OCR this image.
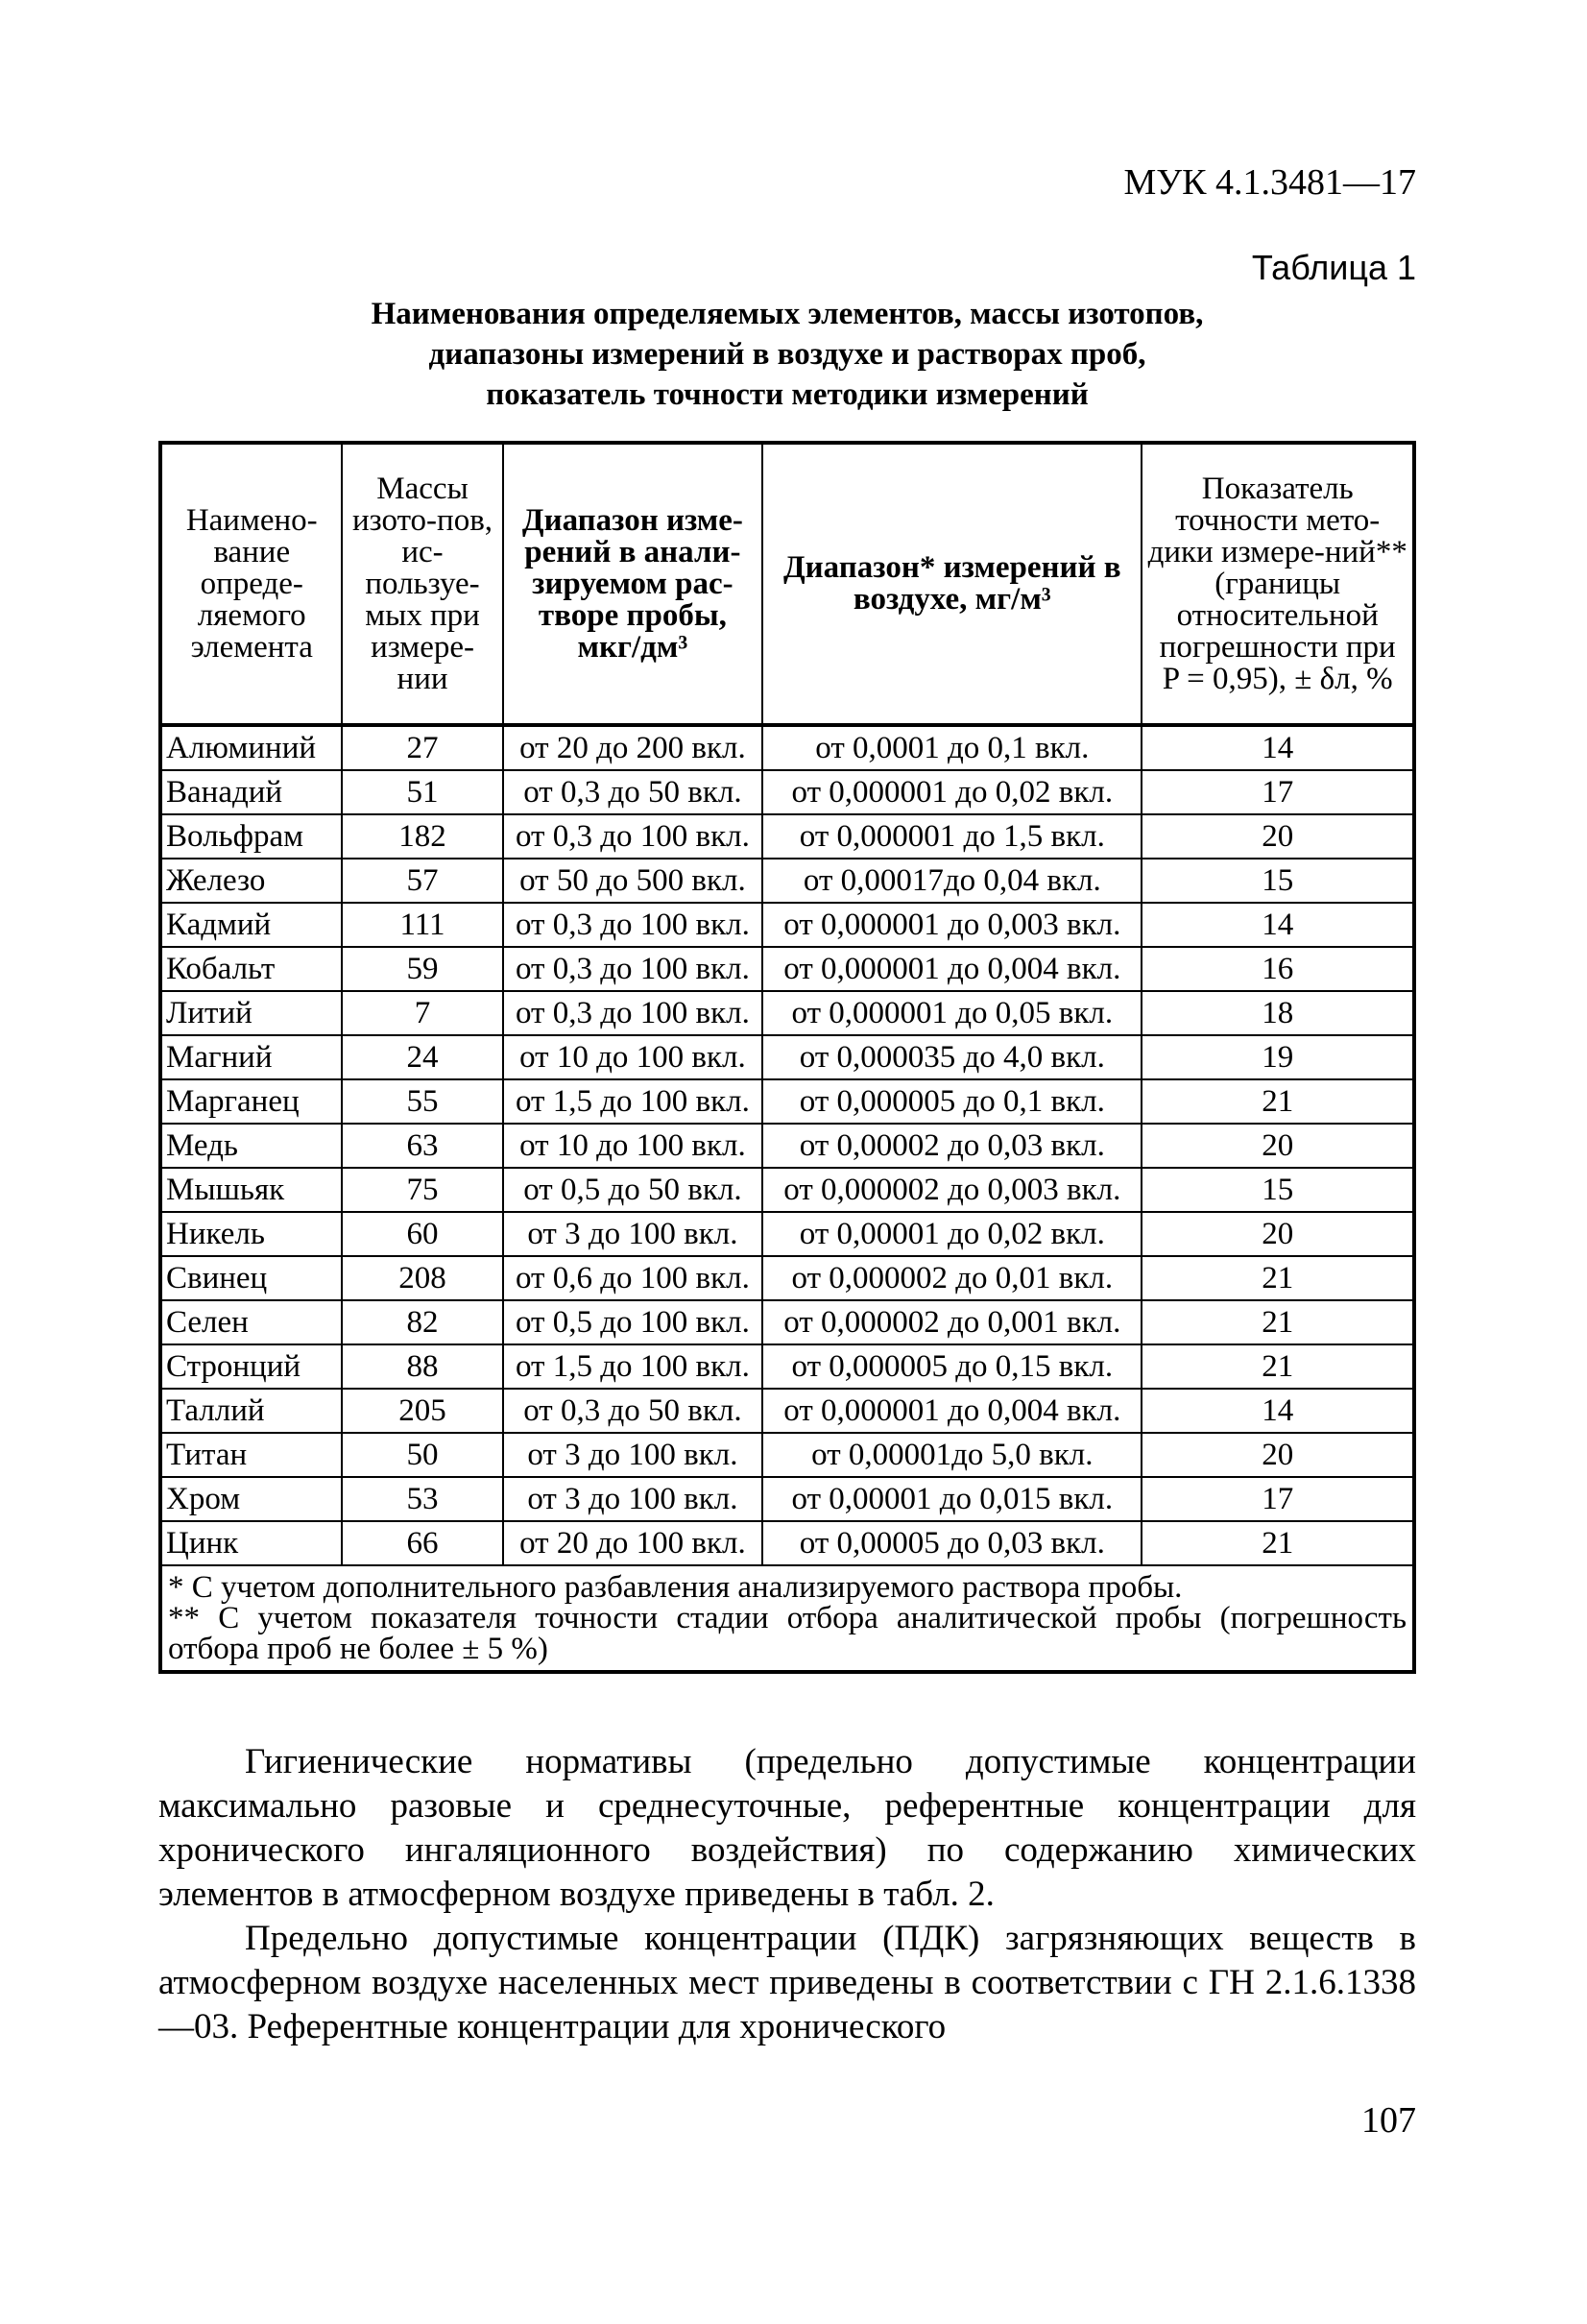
МУК 4.1.3481—17
Таблица 1
Наименования определяемых элементов, массы изотопов,
диапазоны измерений в воздухе и растворах проб,
показатель точности методики измерений
Наимено-вание опреде-ляемого элемента	Массы изото-пов, ис-пользуе-мых при измере-нии	Диапазон изме-рений в анали-зируемом рас-творе пробы, мкг/дм³	Диапазон* измерений в воздухе, мг/м³	Показатель точности мето-дики измере-ний** (границы относительной погрешности при P = 0,95), ± δл, %
Алюминий	27	от 20 до 200 вкл.	от 0,0001 до 0,1 вкл.	14
Ванадий	51	от 0,3 до 50 вкл.	от 0,000001 до 0,02 вкл.	17
Вольфрам	182	от 0,3 до 100 вкл.	от 0,000001 до 1,5 вкл.	20
Железо	57	от 50 до 500 вкл.	от 0,00017до 0,04 вкл.	15
Кадмий	111	от 0,3 до 100 вкл.	от 0,000001 до 0,003 вкл.	14
Кобальт	59	от 0,3 до 100 вкл.	от 0,000001 до 0,004 вкл.	16
Литий	7	от 0,3 до 100 вкл.	от 0,000001 до 0,05 вкл.	18
Магний	24	от 10 до 100 вкл.	от 0,000035 до 4,0 вкл.	19
Марганец	55	от 1,5 до 100 вкл.	от 0,000005 до 0,1 вкл.	21
Медь	63	от 10 до 100 вкл.	от 0,00002 до 0,03 вкл.	20
Мышьяк	75	от 0,5 до 50 вкл.	от 0,000002 до 0,003 вкл.	15
Никель	60	от 3 до 100 вкл.	от 0,00001 до 0,02 вкл.	20
Свинец	208	от 0,6 до 100 вкл.	от 0,000002 до 0,01 вкл.	21
Селен	82	от 0,5 до 100 вкл.	от 0,000002 до 0,001 вкл.	21
Стронций	88	от 1,5 до 100 вкл.	от 0,000005 до 0,15 вкл.	21
Таллий	205	от 0,3 до 50 вкл.	от 0,000001 до 0,004 вкл.	14
Титан	50	от 3 до 100 вкл.	от 0,00001до 5,0 вкл.	20
Хром	53	от 3 до 100 вкл.	от 0,00001 до 0,015 вкл.	17
Цинк	66	от 20 до 100 вкл.	от 0,00005 до 0,03 вкл.	21

* С учетом дополнительного разбавления анализируемого раствора пробы.
** С учетом показателя точности стадии отбора аналитической пробы (погрешность отбора проб не более ± 5 %)				

Гигиенические нормативы (предельно допустимые концентрации максимально разовые и среднесуточные, референтные концентрации для хронического ингаляционного воздействия) по содержанию химических элементов в атмосферном воздухе приведены в табл. 2.

Предельно допустимые концентрации (ПДК) загрязняющих веществ в атмосферном воздухе населенных мест приведены в соответствии с ГН 2.1.6.1338—03. Референтные концентрации для хронического

107
